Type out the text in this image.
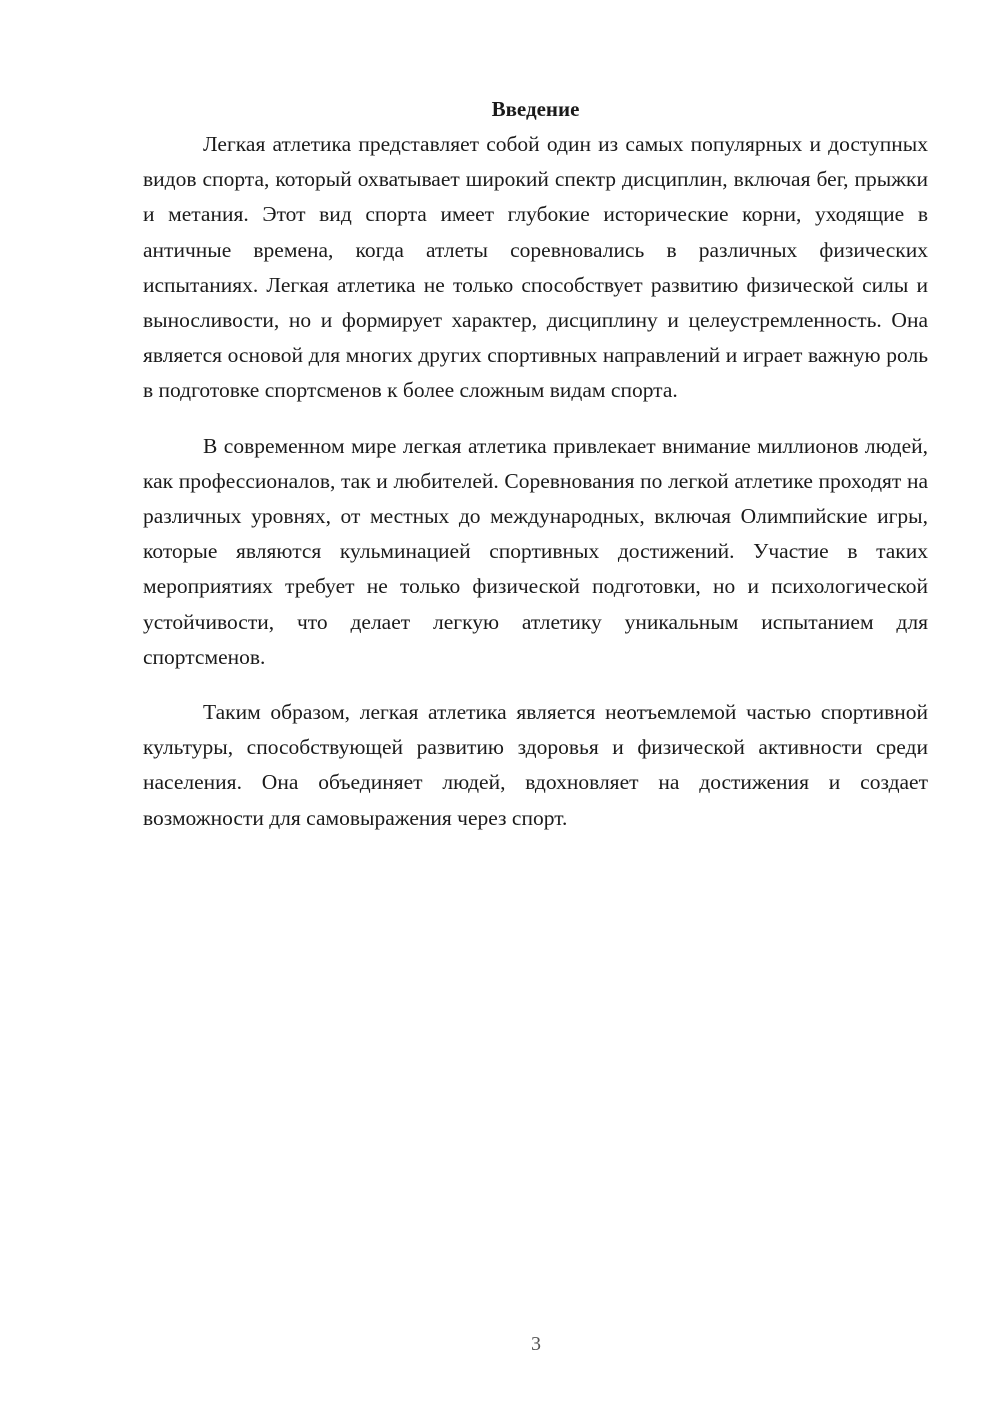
Введение

Легкая атлетика представляет собой один из самых популярных и доступных видов спорта, который охватывает широкий спектр дисциплин, включая бег, прыжки и метания. Этот вид спорта имеет глубокие исторические корни, уходящие в античные времена, когда атлеты соревновались в различных физических испытаниях. Легкая атлетика не только способствует развитию физической силы и выносливости, но и формирует характер, дисциплину и целеустремленность. Она является основой для многих других спортивных направлений и играет важную роль в подготовке спортсменов к более сложным видам спорта.

В современном мире легкая атлетика привлекает внимание миллионов людей, как профессионалов, так и любителей. Соревнования по легкой атлетике проходят на различных уровнях, от местных до международных, включая Олимпийские игры, которые являются кульминацией спортивных достижений. Участие в таких мероприятиях требует не только физической подготовки, но и психологической устойчивости, что делает легкую атлетику уникальным испытанием для спортсменов.

Таким образом, легкая атлетика является неотъемлемой частью спортивной культуры, способствующей развитию здоровья и физической активности среди населения. Она объединяет людей, вдохновляет на достижения и создает возможности для самовыражения через спорт.

3
